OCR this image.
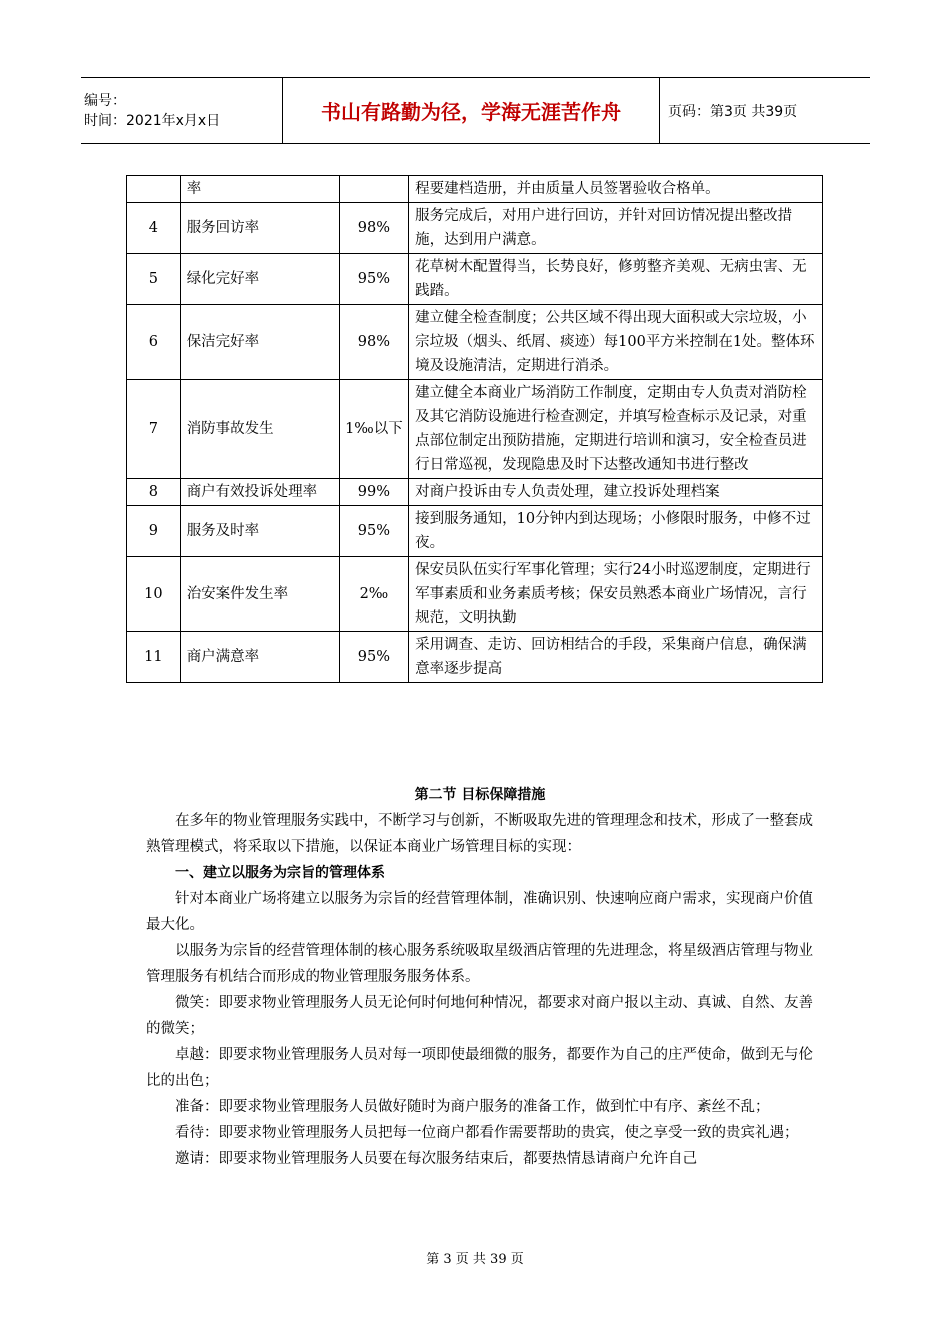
编号：
时间：2021年x月x日	书山有路勤为径，学海无涯苦作舟	页码：第3页 共39页
	率		程要建档造册，并由质量人员签署验收合格单。
4	服务回访率	98%	服务完成后，对用户进行回访，并针对回访情况提出整改措施，达到用户满意。
5	绿化完好率	95%	花草树木配置得当，长势良好，修剪整齐美观、无病虫害、无践踏。
6	保洁完好率	98%	建立健全检查制度；公共区域不得出现大面积或大宗垃圾，小宗垃圾（烟头、纸屑、痰迹）每100平方米控制在1处。整体环境及设施清洁，定期进行消杀。
7	消防事故发生	1‰以下	建立健全本商业广场消防工作制度，定期由专人负责对消防栓及其它消防设施进行检查测定，并填写检查标示及记录，对重点部位制定出预防措施，定期进行培训和演习，安全检查员进行日常巡视，发现隐患及时下达整改通知书进行整改
8	商户有效投诉处理率	99%	对商户投诉由专人负责处理，建立投诉处理档案
9	服务及时率	95%	接到服务通知，10分钟内到达现场；小修限时服务，中修不过夜。
10	治安案件发生率	2‰	保安员队伍实行军事化管理；实行24小时巡逻制度，定期进行军事素质和业务素质考核；保安员熟悉本商业广场情况，言行规范，文明执勤
11	商户满意率	95%	采用调查、走访、回访相结合的手段，采集商户信息，确保满意率逐步提高

第二节 目标保障措施

在多年的物业管理服务实践中，不断学习与创新，不断吸取先进的管理理念和技术，形成了一整套成熟管理模式，将采取以下措施，以保证本商业广场管理目标的实现：

一、建立以服务为宗旨的管理体系

针对本商业广场将建立以服务为宗旨的经营管理体制，准确识别、快速响应商户需求，实现商户价值最大化。

以服务为宗旨的经营管理体制的核心服务系统吸取星级酒店管理的先进理念，将星级酒店管理与物业管理服务有机结合而形成的物业管理服务服务体系。

微笑：即要求物业管理服务人员无论何时何地何种情况，都要求对商户报以主动、真诚、自然、友善的微笑；

卓越：即要求物业管理服务人员对每一项即使最细微的服务，都要作为自己的庄严使命，做到无与伦比的出色；

准备：即要求物业管理服务人员做好随时为商户服务的准备工作，做到忙中有序、紊丝不乱；

看待：即要求物业管理服务人员把每一位商户都看作需要帮助的贵宾，使之享受一致的贵宾礼遇；

邀请：即要求物业管理服务人员要在每次服务结束后，都要热情恳请商户允许自己

第 3 页 共 39 页
